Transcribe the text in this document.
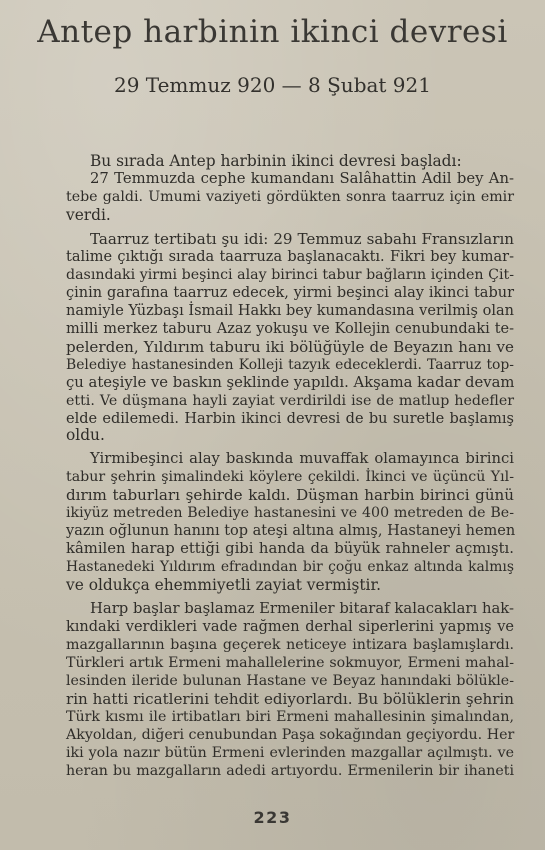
Antep harbinin ikinci devresi
29 Temmuz 920 — 8 Şubat 921
Bu sırada Antep harbinin ikinci devresi başladı:
27 Temmuzda cephe kumandanı Salâhattin Adil bey An-
tebe galdi. Umumi vaziyeti gördükten sonra taarruz için emir
verdi.
Taarruz tertibatı şu idi: 29 Temmuz sabahı Fransızların
talime çıktığı sırada taarruza başlanacaktı. Fikri bey kumar-
dasındaki yirmi beşinci alay birinci tabur bağların içinden Çit-
çinin garafına taarruz edecek, yirmi beşinci alay ikinci tabur
namiyle Yüzbaşı İsmail Hakkı bey kumandasına verilmiş olan
milli merkez taburu Azaz yokuşu ve Kollejin cenubundaki te-
pelerden, Yıldırım taburu iki bölüğüyle de Beyazın hanı ve
Belediye hastanesinden Kolleji tazyık edeceklerdi. Taarruz top-
çu ateşiyle ve baskın şeklinde yapıldı. Akşama kadar devam
etti. Ve düşmana hayli zayiat verdirildi ise de matlup hedefler
elde edilemedi. Harbin ikinci devresi de bu suretle başlamış
oldu.
Yirmibeşinci alay baskında muvaffak olamayınca birinci
tabur şehrin şimalindeki köylere çekildi. İkinci ve üçüncü Yıl-
dırım taburları şehirde kaldı. Düşman harbin birinci günü
ikiyüz metreden Belediye hastanesini ve 400 metreden de Be-
yazın oğlunun hanını top ateşi altına almış, Hastaneyi hemen
kâmilen harap ettiği gibi handa da büyük rahneler açmıştı.
Hastanedeki Yıldırım efradından bir çoğu enkaz altında kalmış
ve oldukça ehemmiyetli zayiat vermiştir.
Harp başlar başlamaz Ermeniler bitaraf kalacakları hak-
kındaki verdikleri vade rağmen derhal siperlerini yapmış ve
mazgallarının başına geçerek neticeye intizara başlamışlardı.
Türkleri artık Ermeni mahallelerine sokmuyor, Ermeni mahal-
lesinden ileride bulunan Hastane ve Beyaz hanındaki bölükle-
rin hatti ricatlerini tehdit ediyorlardı. Bu bölüklerin şehrin
Türk kısmı ile irtibatları biri Ermeni mahallesinin şimalından,
Akyoldan, diğeri cenubundan Paşa sokağından geçiyordu. Her
iki yola nazır bütün Ermeni evlerinden mazgallar açılmıştı. ve
heran bu mazgalların adedi artıyordu. Ermenilerin bir ihaneti
223
